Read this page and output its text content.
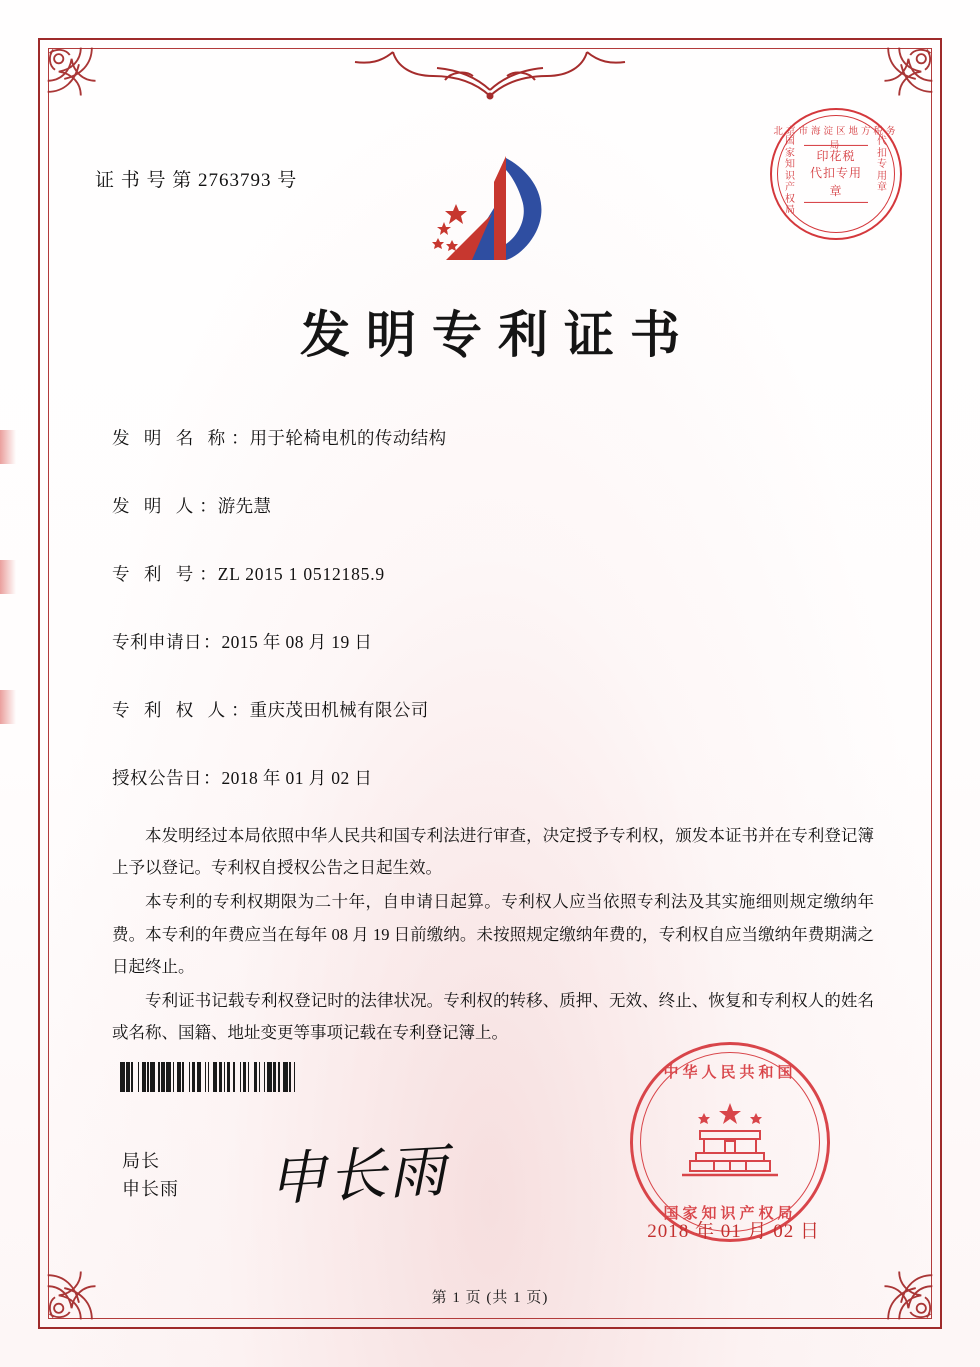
证 书 号 第 2763793 号
北京市海淀区地方税务局
国家知识产权局
代扣专用章
印花税
代扣专用章
发明专利证书
发 明 名 称 ： 用于轮椅电机的传动结构
发 明 人 ： 游先慧
专 利 号 ： ZL 2015 1 0512185.9
专利申请日 ： 2015 年 08 月 19 日
专 利 权 人 ： 重庆茂田机械有限公司
授权公告日 ： 2018 年 01 月 02 日

本发明经过本局依照中华人民共和国专利法进行审查，决定授予专利权，颁发本证书并在专利登记簿上予以登记。专利权自授权公告之日起生效。

本专利的专利权期限为二十年，自申请日起算。专利权人应当依照专利法及其实施细则规定缴纳年费。本专利的年费应当在每年 08 月 19 日前缴纳。未按照规定缴纳年费的，专利权自应当缴纳年费期满之日起终止。

专利证书记载专利权登记时的法律状况。专利权的转移、质押、无效、终止、恢复和专利权人的姓名或名称、国籍、地址变更等事项记载在专利登记簿上。

局长
申长雨 申长雨
中华人民共和国
国家知识产权局
2018 年 01 月 02 日
第 1 页 (共 1 页)
